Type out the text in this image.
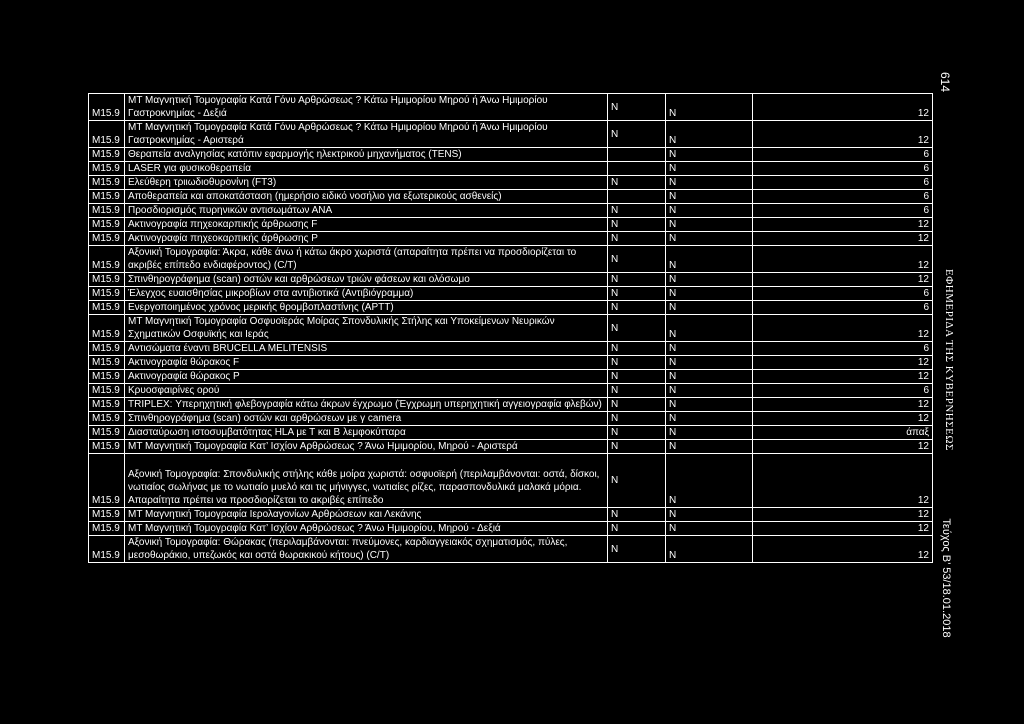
Μ15.9	ΜΤ Μαγνητική Τομογραφία Κατά Γόνυ Αρθρώσεως ? Κάτω Ημιμορίου Μηρού ή Άνω Ημιμορίου Γαστροκνημίας - Δεξιά	Ν	Ν	12
Μ15.9	ΜΤ Μαγνητική Τομογραφία Κατά Γόνυ Αρθρώσεως ? Κάτω Ημιμορίου Μηρού ή Άνω Ημιμορίου Γαστροκνημίας - Αριστερά	Ν	Ν	12
Μ15.9	Θεραπεία αναλγησίας κατόπιν εφαρμογής ηλεκτρικού μηχανήματος (TENS)		Ν	6
Μ15.9	LASER για φυσικοθεραπεία		Ν	6
Μ15.9	Ελεύθερη τριιωδιοθυρονίνη (FT3)	Ν	Ν	6
Μ15.9	Αποθεραπεία και αποκατάσταση (ημερήσιο ειδικό νοσήλιο για εξωτερικούς ασθενείς)		Ν	6
Μ15.9	Προσδιορισμός πυρηνικών αντισωμάτων ΑΝΑ	Ν	Ν	6
Μ15.9	Ακτινογραφία πηχεοκαρπικής άρθρωσης F	Ν	Ν	12
Μ15.9	Ακτινογραφία πηχεοκαρπικής άρθρωσης P	Ν	Ν	12
Μ15.9	Αξονική Τομογραφία: Άκρα, κάθε άνω ή κάτω άκρο χωριστά (απαραίτητα πρέπει να προσδιορίζεται το ακριβές επίπεδο ενδιαφέροντος) (C/T)	Ν	Ν	12
Μ15.9	Σπινθηρογράφημα (scan) οστών και αρθρώσεων τριών φάσεων και ολόσωμο	Ν	Ν	12
Μ15.9	Έλεγχος ευαισθησίας μικροβίων στα αντιβιοτικά (Αντιβιόγραμμα)	Ν	Ν	6
Μ15.9	Ενεργοποιημένος χρόνος μερικής θρομβοπλαστίνης (APTT)	Ν	Ν	6
Μ15.9	ΜΤ Μαγνητική Τομογραφία Οσφυοϊεράς Μοίρας Σπονδυλικής Στήλης και Υποκείμενων Νευρικών Σχηματικών Οσφυϊκής και Ιεράς	Ν	Ν	12
Μ15.9	Αντισώματα έναντι BRUCELLA MELITENSIS	Ν	Ν	6
Μ15.9	Ακτινογραφία θώρακος F	Ν	Ν	12
Μ15.9	Ακτινογραφία θώρακος P	Ν	Ν	12
Μ15.9	Κρυοσφαιρίνες ορού	Ν	Ν	6
Μ15.9	TRIPLEX: Υπερηχητική φλεβογραφία κάτω άκρων έγχρωμο (Έγχρωμη υπερηχητική αγγειογραφία φλεβών)	Ν	Ν	12
Μ15.9	Σπινθηρογράφημα (scan) οστών και αρθρώσεων με γ camera	Ν	Ν	12
Μ15.9	Διασταύρωση ιστοσυμβατότητας HLA με Τ και Β λεμφοκύτταρα	Ν	Ν	άπαξ
Μ15.9	ΜΤ Μαγνητική Τομογραφία Κατ’ Ισχίον Αρθρώσεως ? Άνω Ημιμορίου, Μηρού - Αριστερά	Ν	Ν	12
Μ15.9	Αξονική Τομογραφία: Σπονδυλικής στήλης κάθε μοίρα χωριστά: οσφυοϊερή (περιλαμβάνονται: οστά, δίσκοι, νωτιαίος σωλήνας με το νωτιαίο μυελό και τις μήνιγγες, νωτιαίες ρίζες, παρασπονδυλικά μαλακά μόρια. Απαραίτητα πρέπει να προσδιορίζεται το ακριβές επίπεδο	Ν	Ν	12
Μ15.9	ΜΤ Μαγνητική Τομογραφία Ιερολαγονίων Αρθρώσεων και Λεκάνης	Ν	Ν	12
Μ15.9	ΜΤ Μαγνητική Τομογραφία Κατ’ Ισχίον Αρθρώσεως ? Άνω Ημιμορίου, Μηρού - Δεξιά	Ν	Ν	12
Μ15.9	Αξονική Τομογραφία: Θώρακας (περιλαμβάνονται: πνεύμονες, καρδιαγγειακός σχηματισμός, πύλες, μεσοθωράκιο, υπεζωκός και οστά θωρακικού κήτους) (C/T)	Ν	Ν	12
614
ΕΦΗΜΕΡΙΔΑ ΤΗΣ ΚΥΒΕΡΝΗΣΕΩΣ
Τεύχος Β’ 53/18.01.2018
